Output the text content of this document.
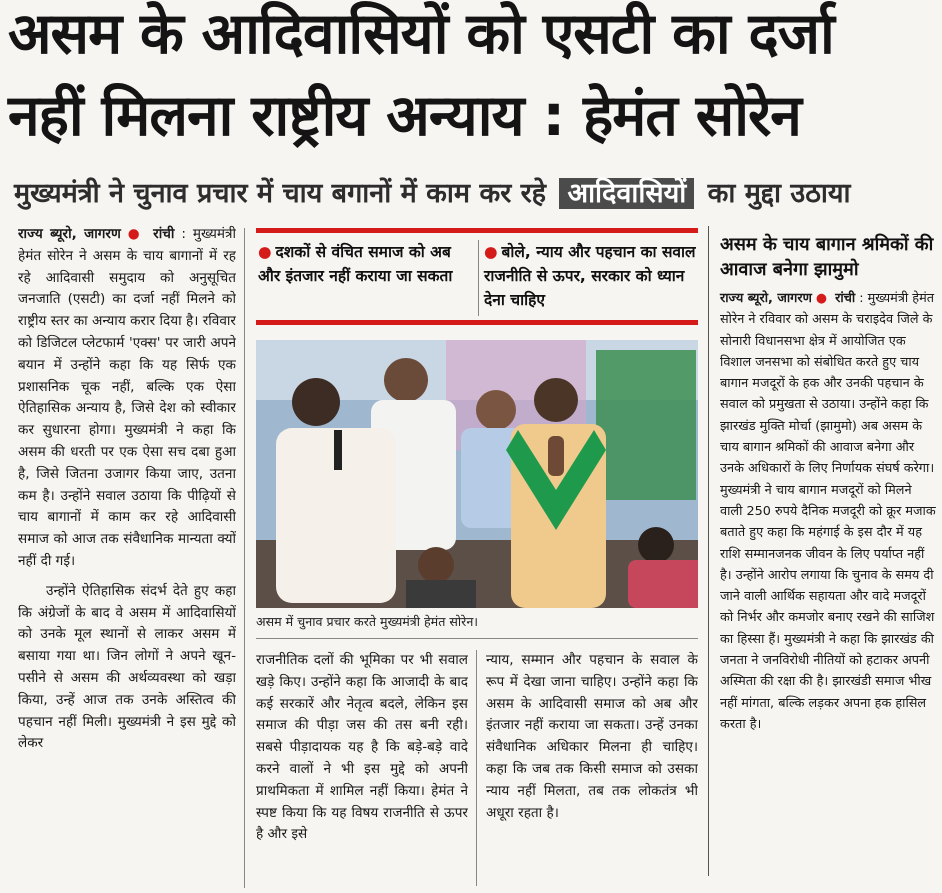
असम के आदिवासियों को एसटी का दर्जा
नहीं मिलना राष्ट्रीय अन्याय : हेमंत सोरेन
मुख्यमंत्री ने चुनाव प्रचार में चाय बगानों में काम कर रहे आदिवासियों का मुद्दा उठाया

राज्य ब्यूरो, जागरण ● रांची : मुख्यमंत्री हेमंत सोरेन ने असम के चाय बागानों में रह रहे आदिवासी समुदाय को अनुसूचित जनजाति (एसटी) का दर्जा नहीं मिलने को राष्ट्रीय स्तर का अन्याय करार दिया है। रविवार को डिजिटल प्लेटफार्म 'एक्स' पर जारी अपने बयान में उन्होंने कहा कि यह सिर्फ एक प्रशासनिक चूक नहीं, बल्कि एक ऐसा ऐतिहासिक अन्याय है, जिसे देश को स्वीकार कर सुधारना होगा। मुख्यमंत्री ने कहा कि असम की धरती पर एक ऐसा सच दबा हुआ है, जिसे जितना उजागर किया जाए, उतना कम है। उन्होंने सवाल उठाया कि पीढ़ियों से चाय बागानों में काम कर रहे आदिवासी समाज को आज तक संवैधानिक मान्यता क्यों नहीं दी गई।

उन्होंने ऐतिहासिक संदर्भ देते हुए कहा कि अंग्रेजों के बाद वे असम में आदिवासियों को उनके मूल स्थानों से लाकर असम में बसाया गया था। जिन लोगों ने अपने खून-पसीने से असम की अर्थव्यवस्था को खड़ा किया, उन्हें आज तक उनके अस्तित्व की पहचान नहीं मिली। मुख्यमंत्री ने इस मुद्दे को लेकर

● दशकों से वंचित समाज को अब और इंतजार नहीं कराया जा सकता
● बोले, न्याय और पहचान का सवाल राजनीति से ऊपर, सरकार को ध्यान देना चाहिए
असम में चुनाव प्रचार करते मुख्यमंत्री हेमंत सोरेन।
राजनीतिक दलों की भूमिका पर भी सवाल खड़े किए। उन्होंने कहा कि आजादी के बाद कई सरकारें और नेतृत्व बदले, लेकिन इस समाज की पीड़ा जस की तस बनी रही। सबसे पीड़ादायक यह है कि बड़े-बड़े वादे करने वालों ने भी इस मुद्दे को अपनी प्राथमिकता में शामिल नहीं किया। हेमंत ने स्पष्ट किया कि यह विषय राजनीति से ऊपर है और इसे
न्याय, सम्मान और पहचान के सवाल के रूप में देखा जाना चाहिए। उन्होंने कहा कि असम के आदिवासी समाज को अब और इंतजार नहीं कराया जा सकता। उन्हें उनका संवैधानिक अधिकार मिलना ही चाहिए। कहा कि जब तक किसी समाज को उसका न्याय नहीं मिलता, तब तक लोकतंत्र भी अधूरा रहता है।
असम के चाय बागान श्रमिकों की आवाज बनेगा झामुमो
राज्य ब्यूरो, जागरण ● रांची : मुख्यमंत्री हेमंत सोरेन ने रविवार को असम के चराइदेव जिले के सोनारी विधानसभा क्षेत्र में आयोजित एक विशाल जनसभा को संबोधित करते हुए चाय बागान मजदूरों के हक और उनकी पहचान के सवाल को प्रमुखता से उठाया। उन्होंने कहा कि झारखंड मुक्ति मोर्चा (झामुमो) अब असम के चाय बागान श्रमिकों की आवाज बनेगा और उनके अधिकारों के लिए निर्णायक संघर्ष करेगा। मुख्यमंत्री ने चाय बागान मजदूरों को मिलने वाली 250 रुपये दैनिक मजदूरी को क्रूर मजाक बताते हुए कहा कि महंगाई के इस दौर में यह राशि सम्मानजनक जीवन के लिए पर्याप्त नहीं है। उन्होंने आरोप लगाया कि चुनाव के समय दी जाने वाली आर्थिक सहायता और वादे मजदूरों को निर्भर और कमजोर बनाए रखने की साजिश का हिस्सा हैं। मुख्यमंत्री ने कहा कि झारखंड की जनता ने जनविरोधी नीतियों को हटाकर अपनी अस्मिता की रक्षा की है। झारखंडी समाज भीख नहीं मांगता, बल्कि लड़कर अपना हक हासिल करता है।
